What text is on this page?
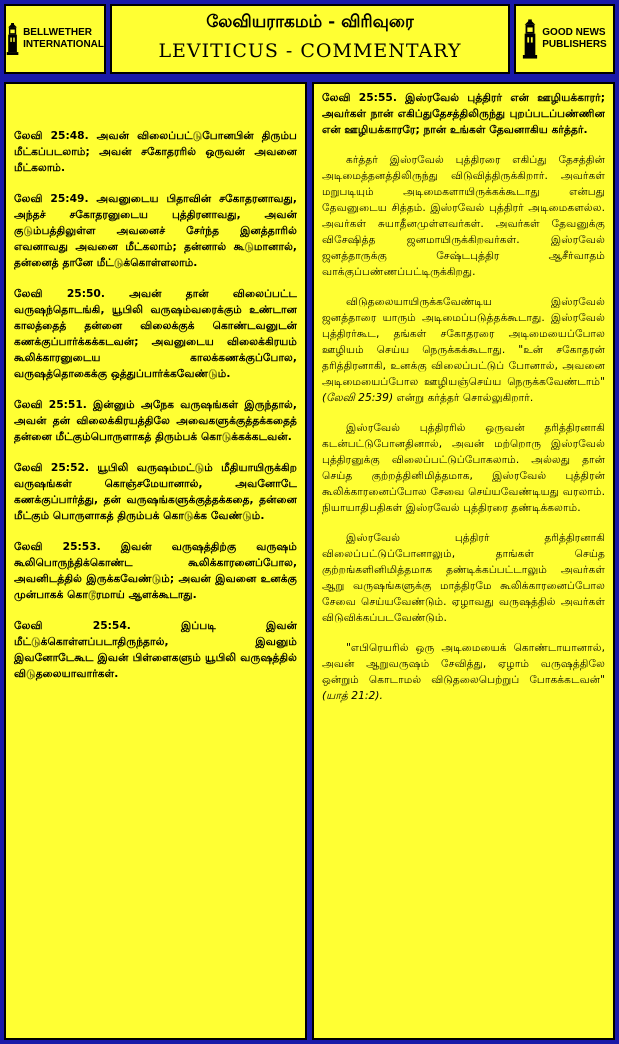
BELLWETHER
INTERNATIONAL
லேவியராகமம் - விரிவுரை
LEVITICUS - COMMENTARY
GOOD NEWS
PUBLISHERS

லேவி 25:48. அவன் விலைப்பட்டுபோனபின் திரும்ப மீட்கப்படலாம்; அவன் சகோதரரில் ஒருவன் அவனை மீட்கலாம்.

லேவி 25:49. அவனுடைய பிதாவின் சகோதரனாவது, அந்தச் சகோதரனுடைய புத்திரனாவது, அவன் குடும்பத்திலுள்ள அவனைச் சேர்ந்த இனத்தாரில் எவனாவது அவனை மீட்கலாம்; தன்னால் கூடுமானால், தன்னைத் தானே மீட்டுக்கொள்ளலாம்.

லேவி 25:50. அவன் தான் விலைப்பட்ட வருஷந்தொடங்கி, யூபிலி வருஷம்வரைக்கும் உண்டான காலத்தைத் தன்னை விலைக்குக் கொண்டவனுடன் கணக்குப்பார்க்கக்கடவன்; அவனுடைய விலைக்கிரயம் கூலிக்காரனுடைய காலக்கணக்குப்போல, வருஷத்தொகைக்கு ஒத்துப்பார்க்கவேண்டும்.

லேவி 25:51. இன்னும் அநேக வருஷங்கள் இருந்தால், அவன் தன் விலைக்கிரயத்திலே அவைகளுக்குத்தக்கதைத் தன்னை மீட்கும்பொருளாகத் திரும்பக் கொடுக்கக்கடவன்.

லேவி 25:52. யூபிலி வருஷம்மட்டும் மீதியாயிருக்கிற வருஷங்கள் கொஞ்சமேயானால், அவனோடே கணக்குப்பார்த்து, தன் வருஷங்களுக்குத்தக்கதை, தன்னை மீட்கும் பொருளாகத் திரும்பக் கொடுக்க வேண்டும்.

லேவி 25:53. இவன் வருஷத்திற்கு வருஷம் கூலிபொருந்திக்கொண்ட கூலிக்காரனைப்போல, அவனிடத்தில் இருக்கவேண்டும்; அவன் இவனை உனக்கு முன்பாகக் கொடூரமாய் ஆளக்கூடாது.

லேவி 25:54. இப்படி இவன் மீட்டுக்கொள்ளப்படாதிருந்தால், இவனும் இவனோடேகூட இவன் பிள்ளைகளும் யூபிலி வருஷத்தில் விடுதலையாவார்கள்.

லேவி 25:55. இஸ்ரவேல் புத்திரர் என் ஊழியக்காரர்; அவர்கள் நான் எகிப்துதேசத்திலிருந்து புறப்படப்பண்ணின என் ஊழியக்காரரே; நான் உங்கள் தேவனாகிய கர்த்தர்.

கர்த்தர் இஸ்ரவேல் புத்திரரை எகிப்து தேசத்தின் அடிமைத்தனத்திலிருந்து விடுவித்திருக்கிறார். அவர்கள் மறுபடியும் அடிமைகளாயிருக்கக்கூடாது என்பது தேவனுடைய சித்தம். இஸ்ரவேல் புத்திரர் அடிமைகளல்ல. அவர்கள் சுயாதீனமுள்ளவர்கள். அவர்கள் தேவனுக்கு விசேஷித்த ஜனமாயிருக்கிறவர்கள். இஸ்ரவேல் ஜனத்தாருக்கு சேஷ்டபுத்திர ஆசீர்வாதம் வாக்குப்பண்ணப்பட்டிருக்கிறது.

விடுதலையாயிருக்கவேண்டிய இஸ்ரவேல் ஜனத்தாரை யாரும் அடிமைப்படுத்தக்கூடாது. இஸ்ரவேல் புத்திரர்கூட, தங்கள் சகோதரரை அடிமையைப்போல ஊழியம் செய்ய நெருக்கக்கூடாது. "உன் சகோதரன் தரித்திரனாகி, உனக்கு விலைப்பட்டுப் போனால், அவனை அடிமையைப்போல ஊழியஞ்செய்ய நெருக்கவேண்டாம்" (லேவி 25:39) என்று கர்த்தர் சொல்லுகிறார்.

இஸ்ரவேல் புத்திரரில் ஒருவன் தரித்திரனாகி கடன்பட்டுபோனதினால், அவன் மற்றொரு இஸ்ரவேல் புத்திரனுக்கு விலைப்பட்டுப்போகலாம். அல்லது தான் செய்த குற்றத்தினிமித்தமாக, இஸ்ரவேல் புத்திரன் கூலிக்காரனைப்போல சேவை செய்யவேண்டியது வரலாம். நியாயாதிபதிகள் இஸ்ரவேல் புத்திரரை தண்டிக்கலாம்.

இஸ்ரவேல் புத்திரர் தரித்திரனாகி விலைப்பட்டுப்போனாலும், தாங்கள் செய்த குற்றங்களினிமித்தமாக தண்டிக்கப்பட்டாலும் அவர்கள் ஆறு வருஷங்களுக்கு மாத்திரமே கூலிக்காரனைப்போல சேவை செய்யவேண்டும். ஏழாவது வருஷத்தில் அவர்கள் விடுவிக்கப்படவேண்டும்.

"எபிரெயரில் ஒரு அடிமையைக் கொண்டாயானால், அவன் ஆறுவருஷம் சேவித்து, ஏழாம் வருஷத்திலே ஒன்றும் கொடாமல் விடுதலைபெற்றுப் போகக்கடவன்" (யாத் 21:2).
